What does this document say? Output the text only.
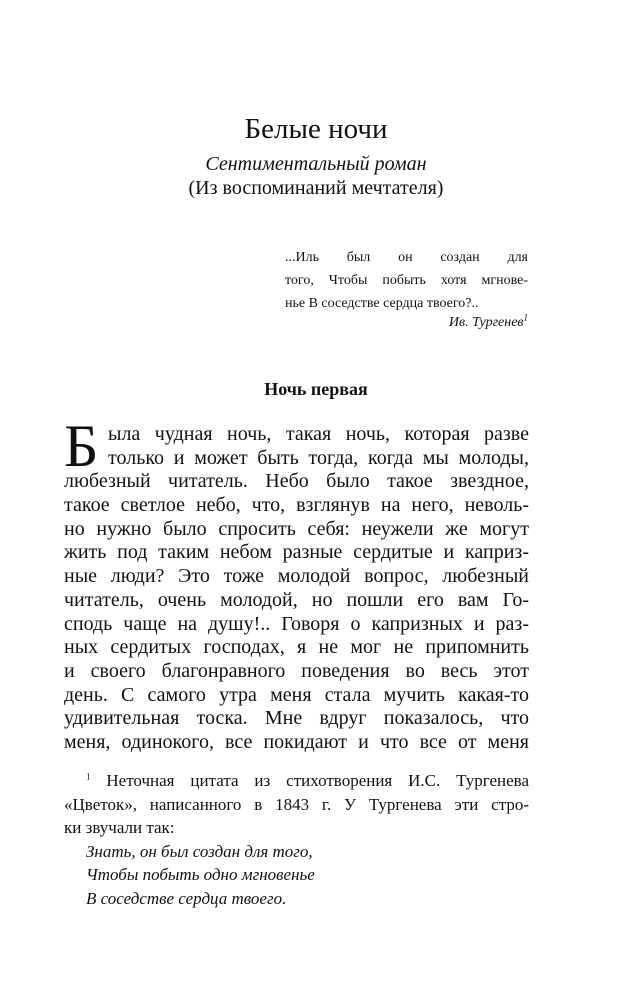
Белые ночи
Сентиментальный роман
(Из воспоминаний мечтателя)
...Иль был он создан для
того, Чтобы побыть хотя мгнове-
нье В соседстве сердца твоего?..
Ив. Тургенев$^1$
Ночь первая
Б ыла чудная ночь, такая ночь, которая разве
только и может быть тогда, когда мы молоды,
любезный читатель. Небо было такое звездное,
такое светлое небо, что, взглянув на него, неволь-
но нужно было спросить себя: неужели же могут
жить под таким небом разные сердитые и каприз-
ные люди? Это тоже молодой вопрос, любезный
читатель, очень молодой, но пошли его вам Го-
сподь чаще на душу!.. Говоря о капризных и раз-
ных сердитых господах, я не мог не припомнить
и своего благонравного поведения во весь этот
день. С самого утра меня стала мучить какая-то
удивительная тоска. Мне вдруг показалось, что
меня, одинокого, все покидают и что все от меня
$^1$ Неточная цитата из стихотворения И.С. Тургенева
«Цветок», написанного в 1843 г. У Тургенева эти стро-
ки звучали так:
Знать, он был создан для того,
Чтобы побыть одно мгновенье
В соседстве сердца твоего.
